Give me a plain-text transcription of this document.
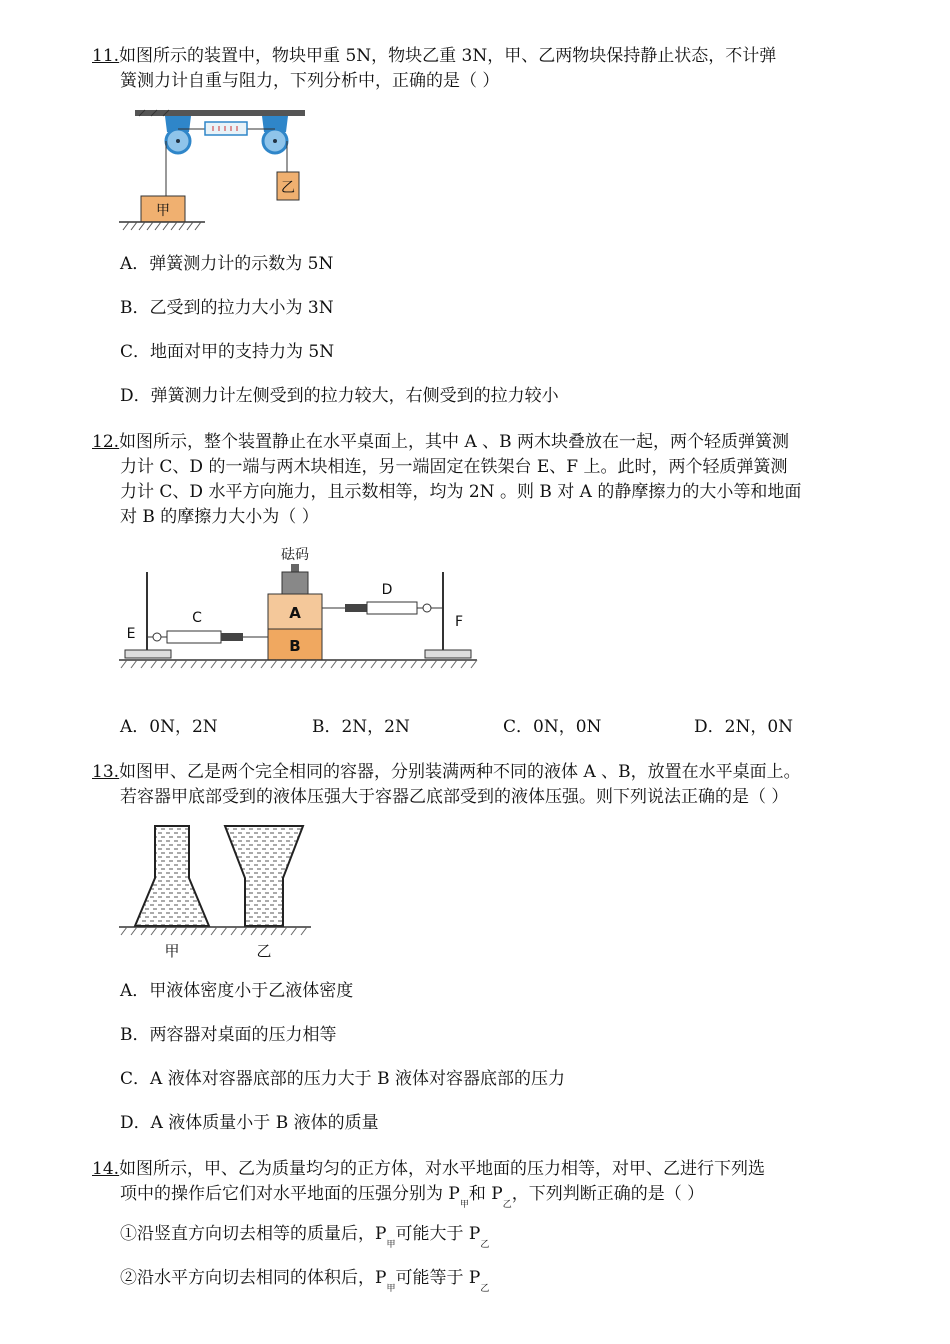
11.如图所示的装置中，物块甲重 5N，物块乙重 3N，甲、乙两物块保持静止状态，不计弹
簧测力计自重与阻力，下列分析中，正确的是（ ）
甲
乙
A．弹簧测力计的示数为 5N
B．乙受到的拉力大小为 3N
C．地面对甲的支持力为 5N
D．弹簧测力计左侧受到的拉力较大，右侧受到的拉力较小
12.如图所示，整个装置静止在水平桌面上，其中 A 、B 两木块叠放在一起，两个轻质弹簧测
力计 C、D 的一端与两木块相连，另一端固定在铁架台 E、F 上。此时，两个轻质弹簧测
力计 C、D 水平方向施力，且示数相等，均为 2N 。则 B 对 A 的静摩擦力的大小等和地面
对 B 的摩擦力大小为（ ）
砝码
A
B
E
C
D
F
A．0N，2N	B．2N，2N	C．0N，0N	D．2N，0N
13.如图甲、乙是两个完全相同的容器，分别装满两种不同的液体 A 、B，放置在水平桌面上。
若容器甲底部受到的液体压强大于容器乙底部受到的液体压强。则下列说法正确的是（ ）
甲	乙
A．甲液体密度小于乙液体密度
B．两容器对桌面的压力相等
C．A 液体对容器底部的压力大于 B 液体对容器底部的压力
D．A 液体质量小于 B 液体的质量
14.如图所示，甲、乙为质量均匀的正方体，对水平地面的压力相等，对甲、乙进行下列选
项中的操作后它们对水平地面的压强分别为 $P_甲$和 $P_乙$，下列判断正确的是（ ）
①沿竖直方向切去相等的质量后，$P_甲$可能大于 $P_乙$
②沿水平方向切去相同的体积后，$P_甲$可能等于 $P_乙$
